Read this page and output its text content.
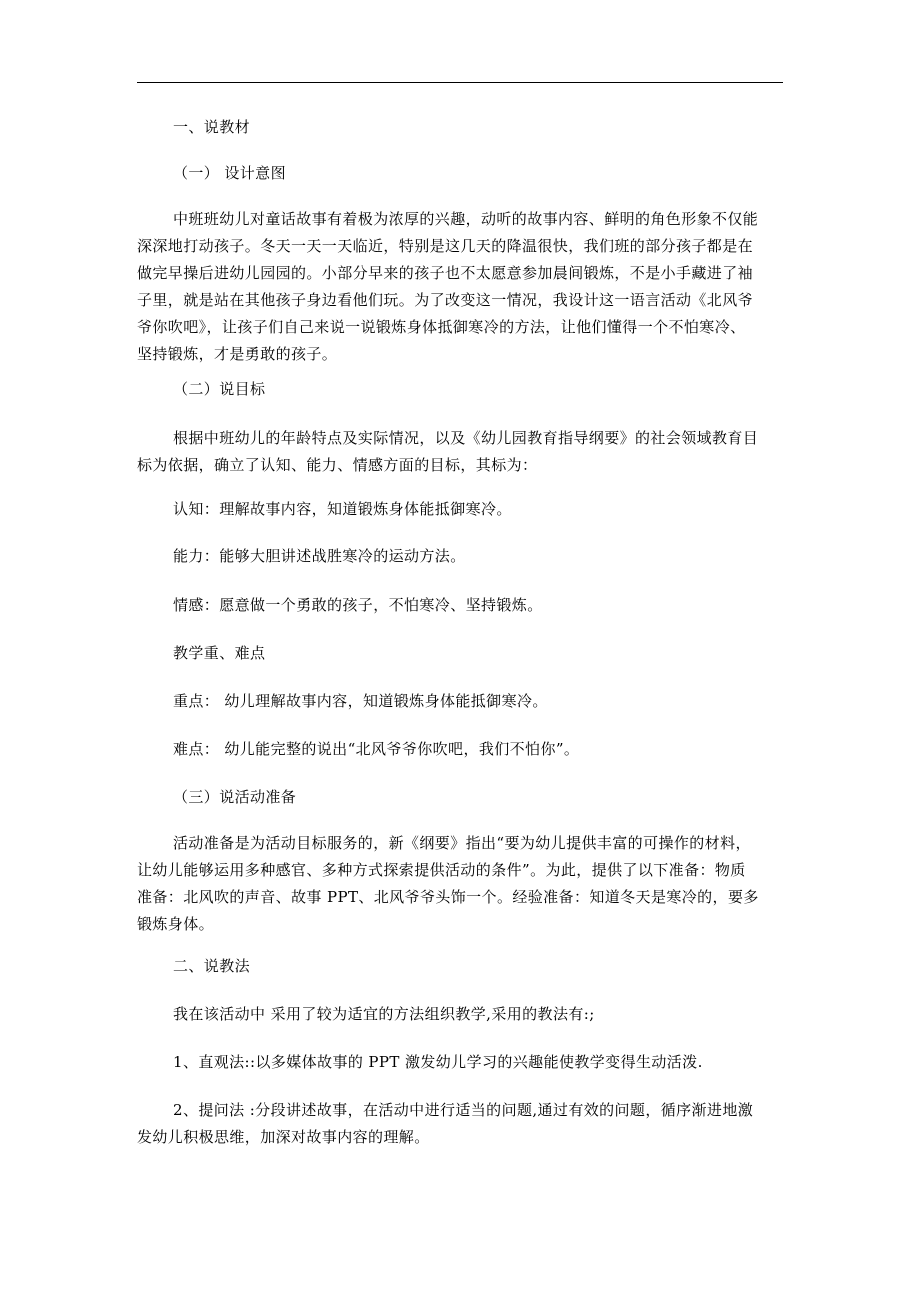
一、说教材
（一） 设计意图
中班班幼儿对童话故事有着极为浓厚的兴趣，动听的故事内容、鲜明的角色形象不仅能
深深地打动孩子。冬天一天一天临近，特别是这几天的降温很快，我们班的部分孩子都是在
做完早操后进幼儿园园的。小部分早来的孩子也不太愿意参加晨间锻炼，不是小手藏进了袖
子里，就是站在其他孩子身边看他们玩。为了改变这一情况，我设计这一语言活动《北风爷
爷你吹吧》，让孩子们自己来说一说锻炼身体抵御寒冷的方法，让他们懂得一个不怕寒冷、
坚持锻炼，才是勇敢的孩子。
（二）说目标
根据中班幼儿的年龄特点及实际情况，以及《幼儿园教育指导纲要》的社会领域教育目
标为依据，确立了认知、能力、情感方面的目标，其标为：
认知：理解故事内容，知道锻炼身体能抵御寒冷。
能力：能够大胆讲述战胜寒冷的运动方法。
情感：愿意做一个勇敢的孩子，不怕寒冷、坚持锻炼。
教学重、难点
重点： 幼儿理解故事内容，知道锻炼身体能抵御寒冷。
难点： 幼儿能完整的说出“北风爷爷你吹吧，我们不怕你”。
（三）说活动准备
活动准备是为活动目标服务的，新《纲要》指出“要为幼儿提供丰富的可操作的材料，
让幼儿能够运用多种感官、多种方式探索提供活动的条件”。为此，提供了以下准备：物质
准备：北风吹的声音、故事 PPT、北风爷爷头饰一个。经验准备：知道冬天是寒冷的，要多
锻炼身体。
二、说教法
我在该活动中 采用了较为适宜的方法组织教学,采用的教法有:;
1、直观法::以多媒体故事的 PPT 激发幼儿学习的兴趣能使教学变得生动活泼.
2、提问法 :分段讲述故事，在活动中进行适当的问题,通过有效的问题，循序渐进地激
发幼儿积极思维，加深对故事内容的理解。
